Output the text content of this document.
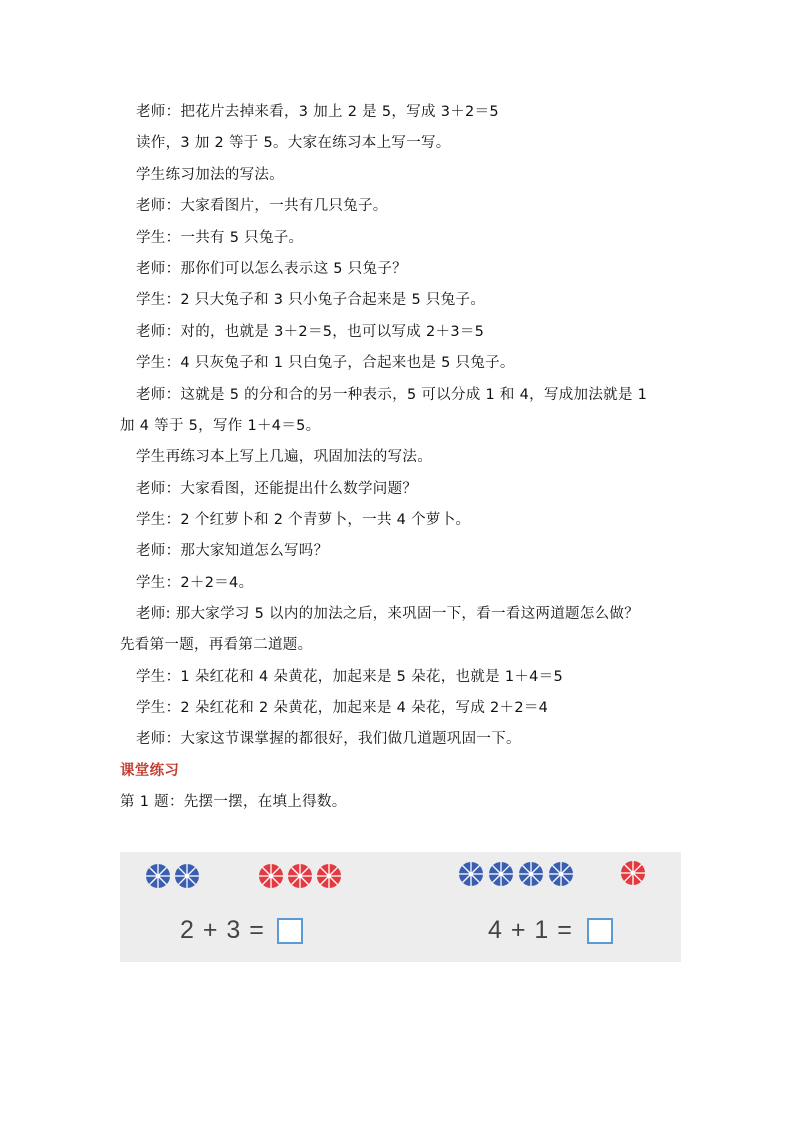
老师：把花片去掉来看，3 加上 2 是 5，写成 3＋2＝5
读作，3 加 2 等于 5。大家在练习本上写一写。
学生练习加法的写法。
老师：大家看图片，一共有几只兔子。
学生：一共有 5 只兔子。
老师：那你们可以怎么表示这 5 只兔子？
学生：2 只大兔子和 3 只小兔子合起来是 5 只兔子。
老师：对的，也就是 3＋2＝5，也可以写成 2＋3＝5
学生：4 只灰兔子和 1 只白兔子，合起来也是 5 只兔子。
老师：这就是 5 的分和合的另一种表示，5 可以分成 1 和 4，写成加法就是 1
加 4 等于 5，写作 1＋4＝5。
学生再练习本上写上几遍，巩固加法的写法。
老师：大家看图，还能提出什么数学问题？
学生：2 个红萝卜和 2 个青萝卜，一共 4 个萝卜。
老师：那大家知道怎么写吗？
学生：2＋2＝4。
老师: 那大家学习 5 以内的加法之后，来巩固一下，看一看这两道题怎么做？
先看第一题，再看第二道题。
学生：1 朵红花和 4 朵黄花，加起来是 5 朵花，也就是 1＋4＝5
学生：2 朵红花和 2 朵黄花，加起来是 4 朵花，写成 2＋2＝4
老师：大家这节课掌握的都很好，我们做几道题巩固一下。
课堂练习
第 1 题：先摆一摆，在填上得数。
2 + 3 =	4 + 1 =
